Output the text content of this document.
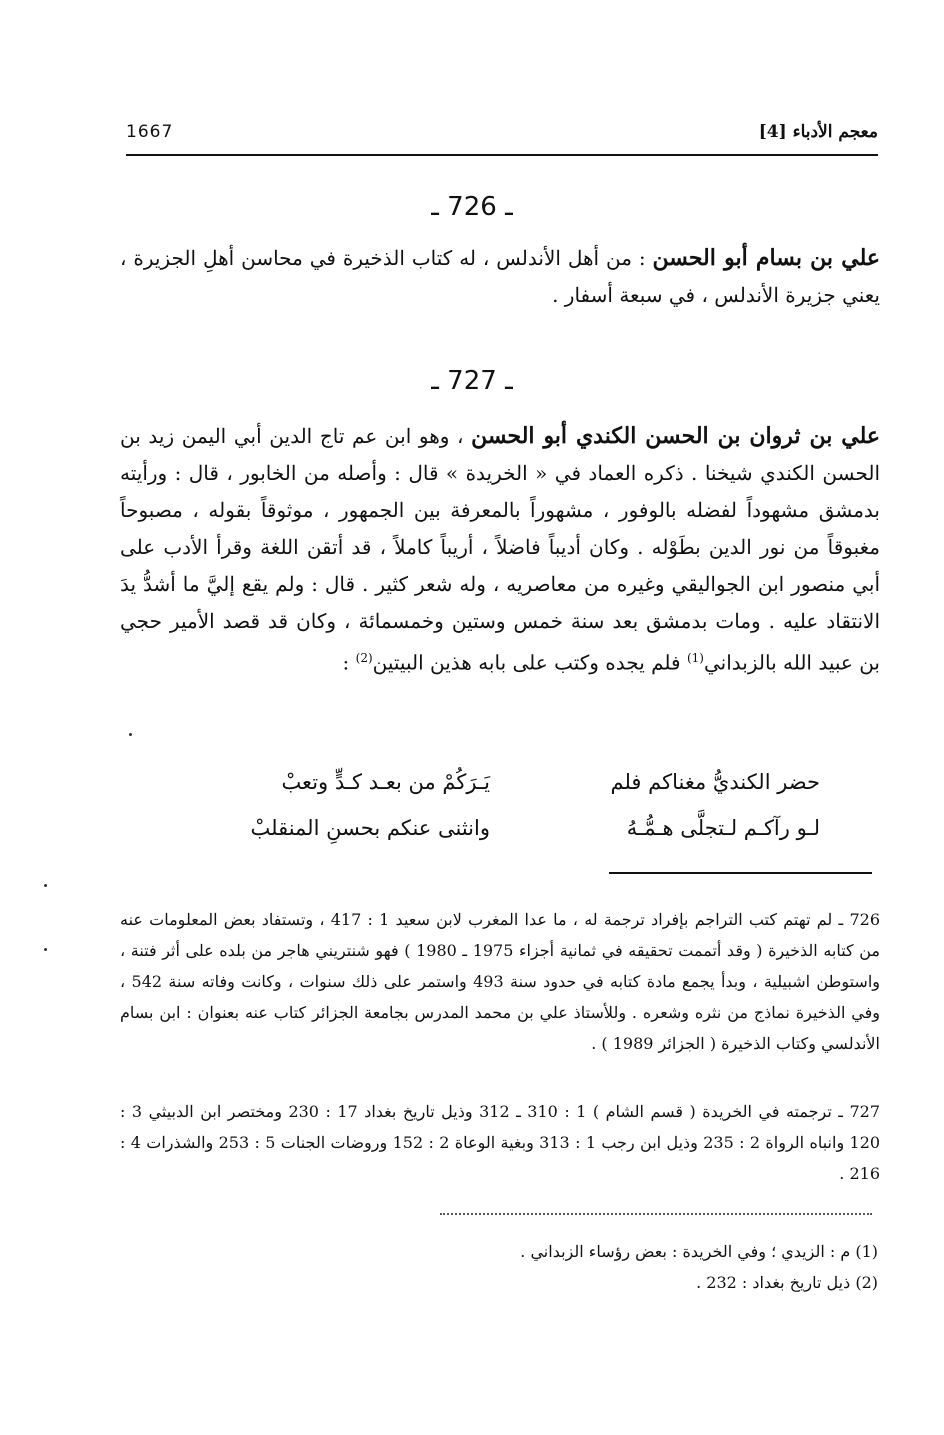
1667	معجم الأدباء [4]
ـ 726 ـ
علي بن بسام أبو الحسن : من أهل الأندلس ، له كتاب الذخيرة في محاسن أهلِ الجزيرة ، يعني جزيرة الأندلس ، في سبعة أسفار .
ـ 727 ـ
علي بن ثروان بن الحسن الكندي أبو الحسن ، وهو ابن عم تاج الدين أبي اليمن زيد بن الحسن الكندي شيخنا . ذكره العماد في « الخريدة » قال : وأصله من الخابور ، قال : ورأيته بدمشق مشهوداً لفضله بالوفور ، مشهوراً بالمعرفة بين الجمهور ، موثوقاً بقوله ، مصبوحاً مغبوقاً من نور الدين بطَوْله . وكان أديباً فاضلاً ، أريباً كاملاً ، قد أتقن اللغة وقرأ الأدب على أبي منصور ابن الجواليقي وغيره من معاصريه ، وله شعر كثير . قال : ولم يقع إليَّ ما أشدُّ يدَ الانتقاد عليه . ومات بدمشق بعد سنة خمس وستين وخمسمائة ، وكان قد قصد الأمير حجي بن عبيد الله بالزبداني$^{(1)}$ فلم يجده وكتب على بابه هذين البيتين$^{(2)}$ :
حضر الكنديُّ مغناكم فلم
يَـرَكُمْ من بعـد كـدٍّ وتعبْ
لـو رآكـم لـتجلَّى هـمُّـهُ
وانثنى عنكم بحسنِ المنقلبْ
726 ـ لم تهتم كتب التراجم بإفراد ترجمة له ، ما عدا المغرب لابن سعيد 1 : 417 ، وتستفاد بعض المعلومات عنه من كتابه الذخيرة ( وقد أتممت تحقيقه في ثمانية أجزاء 1975 ـ 1980 ) فهو شنتريني هاجر من بلده على أثر فتنة ، واستوطن اشبيلية ، وبدأ يجمع مادة كتابه في حدود سنة 493 واستمر على ذلك سنوات ، وكانت وفاته سنة 542 ، وفي الذخيرة نماذج من نثره وشعره . وللأستاذ علي بن محمد المدرس بجامعة الجزائر كتاب عنه بعنوان : ابن بسام الأندلسي وكتاب الذخيرة ( الجزائر 1989 ) .
727 ـ ترجمته في الخريدة ( قسم الشام ) 1 : 310 ـ 312 وذيل تاريخ بغداد 17 : 230 ومختصر ابن الدبيثي 3 : 120 وانباه الرواة 2 : 235 وذيل ابن رجب 1 : 313 وبغية الوعاة 2 : 152 وروضات الجنات 5 : 253 والشذرات 4 : 216 .
(1) م : الزيدي ؛ وفي الخريدة : بعض رؤساء الزبداني .
(2) ذيل تاريخ بغداد : 232 .
